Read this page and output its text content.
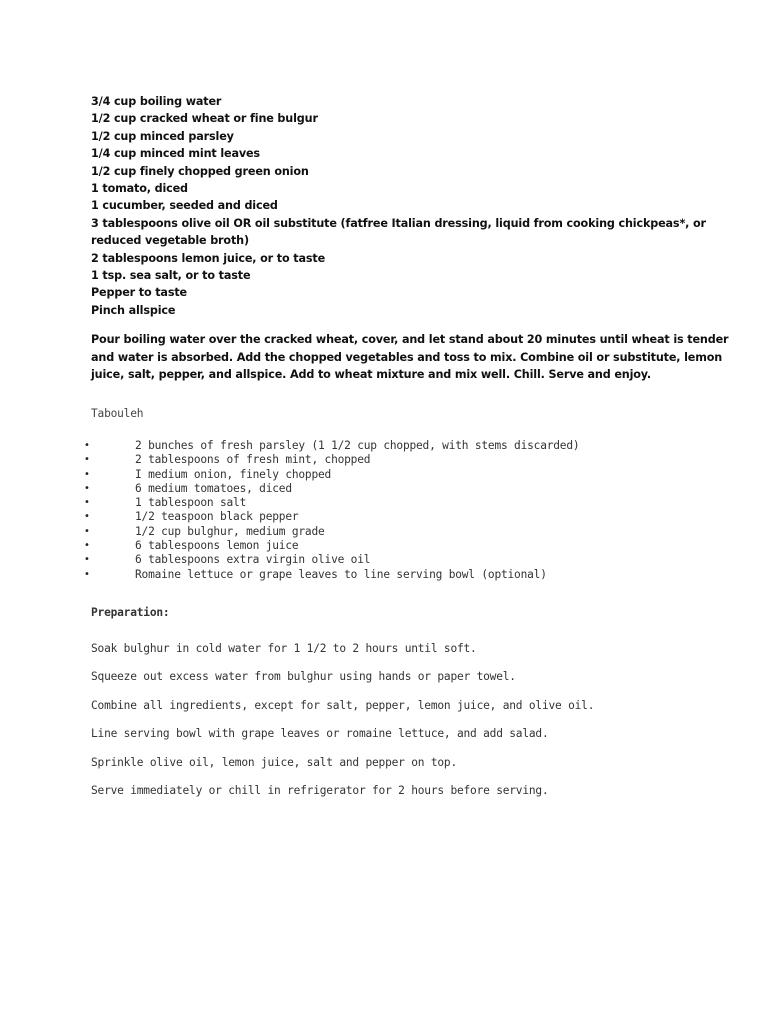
3/4 cup boiling water
1/2 cup cracked wheat or fine bulgur
1/2 cup minced parsley
1/4 cup minced mint leaves
1/2 cup finely chopped green onion
1 tomato, diced
1 cucumber, seeded and diced
3 tablespoons olive oil OR oil substitute (fatfree Italian dressing, liquid from cooking chickpeas*, or
reduced vegetable broth)
2 tablespoons lemon juice, or to taste
1 tsp. sea salt, or to taste
Pepper to taste
Pinch allspice
Pour boiling water over the cracked wheat, cover, and let stand about 20 minutes until wheat is tender
and water is absorbed. Add the chopped vegetables and toss to mix. Combine oil or substitute, lemon
juice, salt, pepper, and allspice. Add to wheat mixture and mix well. Chill. Serve and enjoy.

Tabouleh

•	2 bunches of fresh parsley (1 1/2 cup chopped, with stems discarded)
•	2 tablespoons of fresh mint, chopped
•	I medium onion, finely chopped
•	6 medium tomatoes, diced
•	1 tablespoon salt
•	1/2 teaspoon black pepper
•	1/2 cup bulghur, medium grade
•	6 tablespoons lemon juice
•	6 tablespoons extra virgin olive oil
•	Romaine lettuce or grape leaves to line serving bowl (optional)

Preparation:

Soak bulghur in cold water for 1 1/2 to 2 hours until soft.
Squeeze out excess water from bulghur using hands or paper towel.
Combine all ingredients, except for salt, pepper, lemon juice, and olive oil.
Line serving bowl with grape leaves or romaine lettuce, and add salad.
Sprinkle olive oil, lemon juice, salt and pepper on top.
Serve immediately or chill in refrigerator for 2 hours before serving.
